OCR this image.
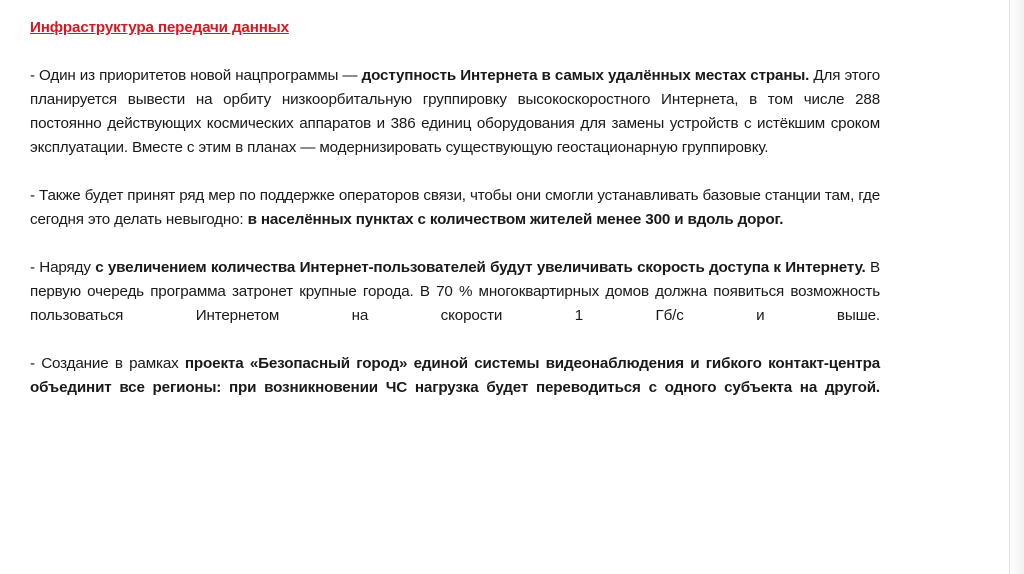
Инфраструктура передачи данных

- Один из приоритетов новой нацпрограммы — доступность Интернета в самых удалённых местах страны. Для этого планируется вывести на орбиту низкоорбитальную группировку высокоскоростного Интернета, в том числе 288 постоянно действующих космических аппаратов и 386 единиц оборудования для замены устройств с истёкшим сроком эксплуатации. Вместе с этим в планах — модернизировать существующую геостационарную группировку.

- Также будет принят ряд мер по поддержке операторов связи, чтобы они смогли устанавливать базовые станции там, где сегодня это делать невыгодно: в населённых пунктах с количеством жителей менее 300 и вдоль дорог.

- Наряду с увеличением количества Интернет-пользователей будут увеличивать скорость доступа к Интернету. В первую очередь программа затронет крупные города. В 70 % многоквартирных домов должна появиться возможность пользоваться Интернетом на скорости 1 Гб/с и выше.

- Создание в рамках проекта «Безопасный город» единой системы видеонаблюдения и гибкого контакт-центра объединит все регионы: при возникновении ЧС нагрузка будет переводиться с одного субъекта на другой.
